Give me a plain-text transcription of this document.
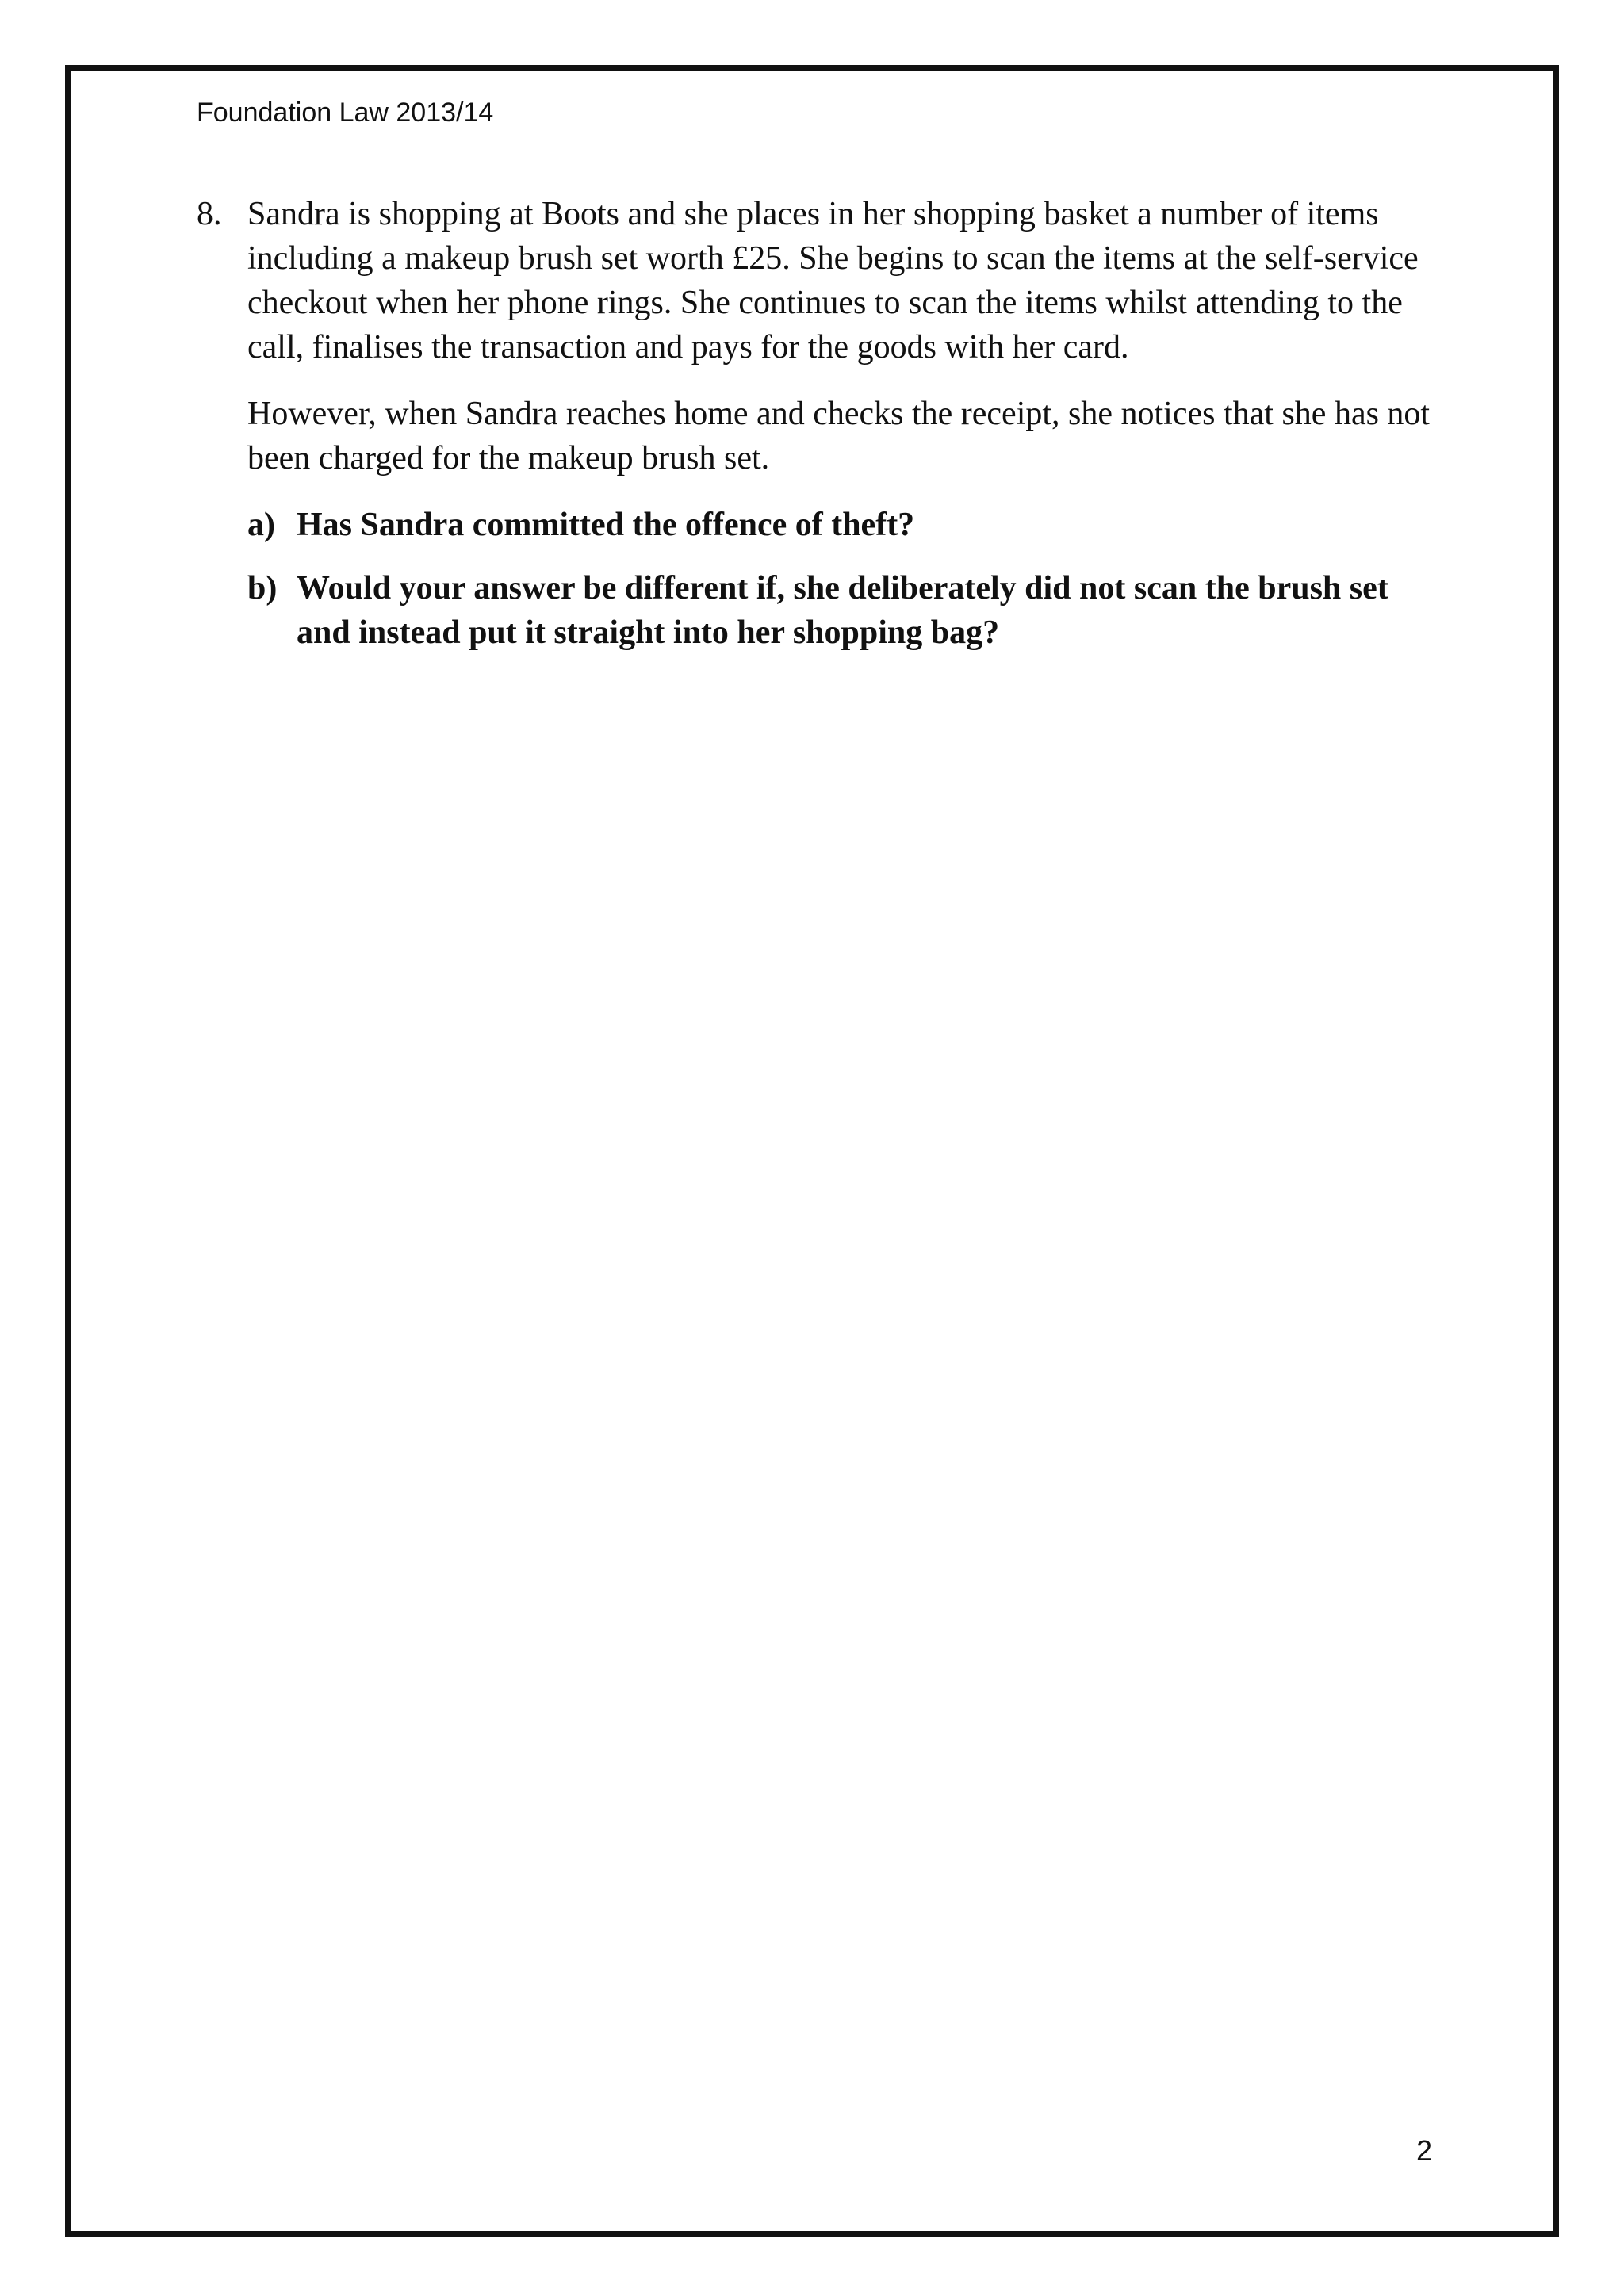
Foundation Law 2013/14
8. Sandra is shopping at Boots and she places in her shopping basket a number of items including a makeup brush set worth £25. She begins to scan the items at the self-service checkout when her phone rings. She continues to scan the items whilst attending to the call, finalises the transaction and pays for the goods with her card.

However, when Sandra reaches home and checks the receipt, she notices that she has not been charged for the makeup brush set.

a) Has Sandra committed the offence of theft?
b) Would your answer be different if, she deliberately did not scan the brush set and instead put it straight into her shopping bag?
2
